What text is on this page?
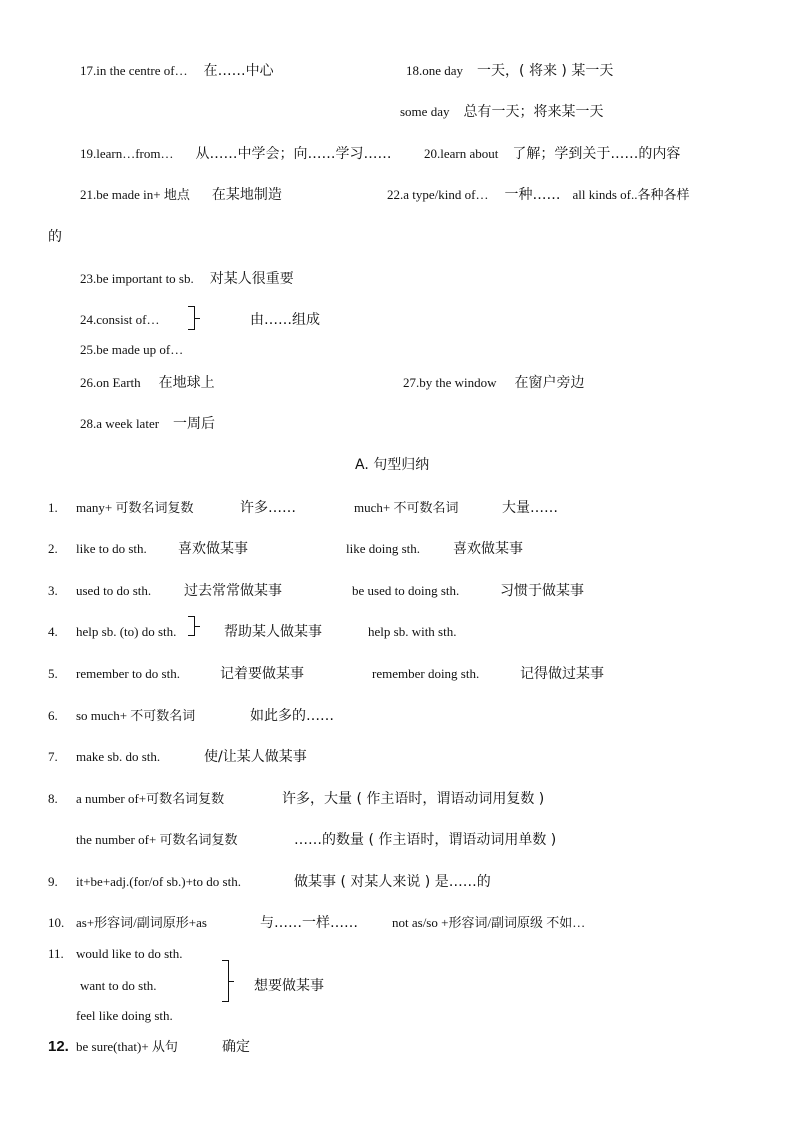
17.in the centre of… 在……中心	18.one day 一天，( 将来 ) 某一天
some day 总有一天；将来某一天
19.learn…from… 从……中学会；向……学习…… 20.learn about 了解；学到关于……的内容
21.be made in+ 地点 在某地制造	22.a type/kind of… 一种…… all kinds of..各种各样
的
23.be important to sb. 对某人很重要
24.consist of…	由……组成
25.be made up of…
26.on Earth 在地球上	27.by the window 在窗户旁边
28.a week later 一周后
A. 句型归纳
1. many+ 可数名词复数	许多……	much+ 不可数名词	大量……
2. like to do sth. 喜欢做某事	like doing sth. 喜欢做某事
3. used to do sth. 过去常常做某事	be used to doing sth.	习惯于做某事
4. help sb. (to) do sth.	帮助某人做某事	help sb. with sth.
5. remember to do sth.	记着要做某事	remember doing sth.	记得做过某事
6. so much+ 不可数名词	如此多的……
7. make sb. do sth.	使/让某人做某事
8. a number of+可数名词复数	许多，大量 ( 作主语时，谓语动词用复数 )
the number of+ 可数名词复数	……的数量 ( 作主语时，谓语动词用单数 )
9. it+be+adj.(for/of sb.)+to do sth.	做某事 ( 对某人来说 ) 是……的
10. as+形容词/副词原形+as	与……一样……	not as/so +形容词/副词原级 不如…
11. would like to do sth.
want to do sth.
feel like doing sth.
想要做某事
12. be sure(that)+ 从句	确定
